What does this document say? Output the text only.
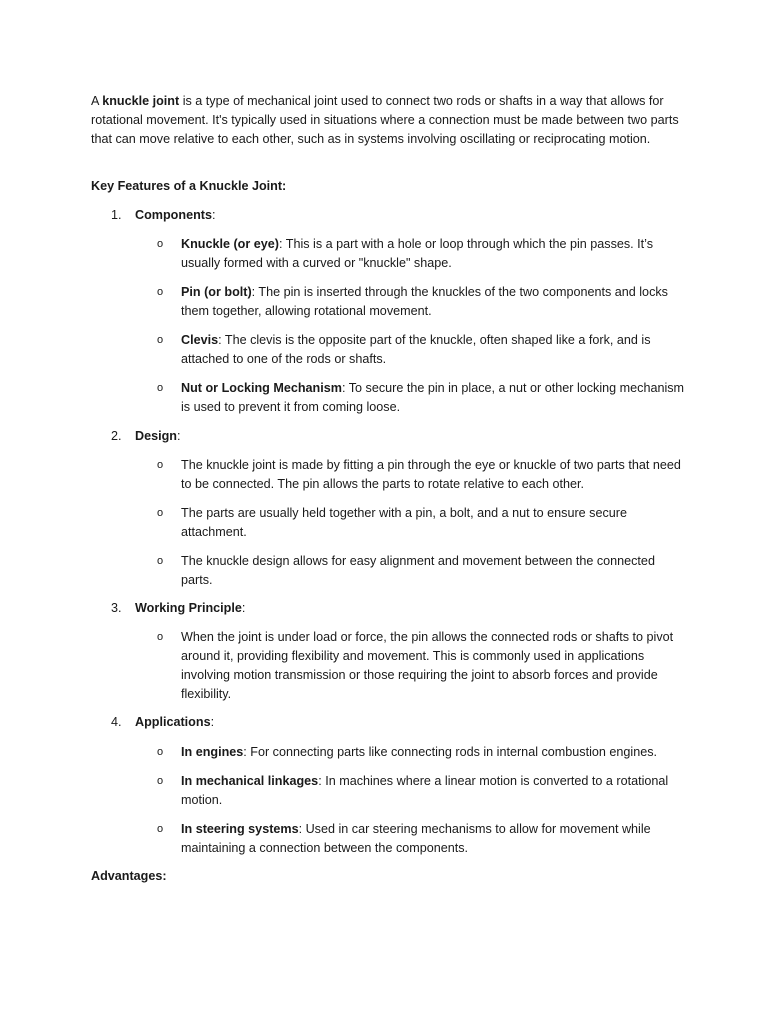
A knuckle joint is a type of mechanical joint used to connect two rods or shafts in a way that allows for rotational movement. It's typically used in situations where a connection must be made between two parts that can move relative to each other, such as in systems involving oscillating or reciprocating motion.

Key Features of a Knuckle Joint:

1. Components:

o Knuckle (or eye): This is a part with a hole or loop through which the pin passes. It’s usually formed with a curved or "knuckle" shape.
o Pin (or bolt): The pin is inserted through the knuckles of the two components and locks them together, allowing rotational movement.
o Clevis: The clevis is the opposite part of the knuckle, often shaped like a fork, and is attached to one of the rods or shafts.
o Nut or Locking Mechanism: To secure the pin in place, a nut or other locking mechanism is used to prevent it from coming loose.

2. Design:

o The knuckle joint is made by fitting a pin through the eye or knuckle of two parts that need to be connected. The pin allows the parts to rotate relative to each other.
o The parts are usually held together with a pin, a bolt, and a nut to ensure secure attachment.
o The knuckle design allows for easy alignment and movement between the connected parts.

3. Working Principle:

o When the joint is under load or force, the pin allows the connected rods or shafts to pivot around it, providing flexibility and movement. This is commonly used in applications involving motion transmission or those requiring the joint to absorb forces and provide flexibility.

4. Applications:

o In engines: For connecting parts like connecting rods in internal combustion engines.
o In mechanical linkages: In machines where a linear motion is converted to a rotational motion.
o In steering systems: Used in car steering mechanisms to allow for movement while maintaining a connection between the components.

Advantages:
